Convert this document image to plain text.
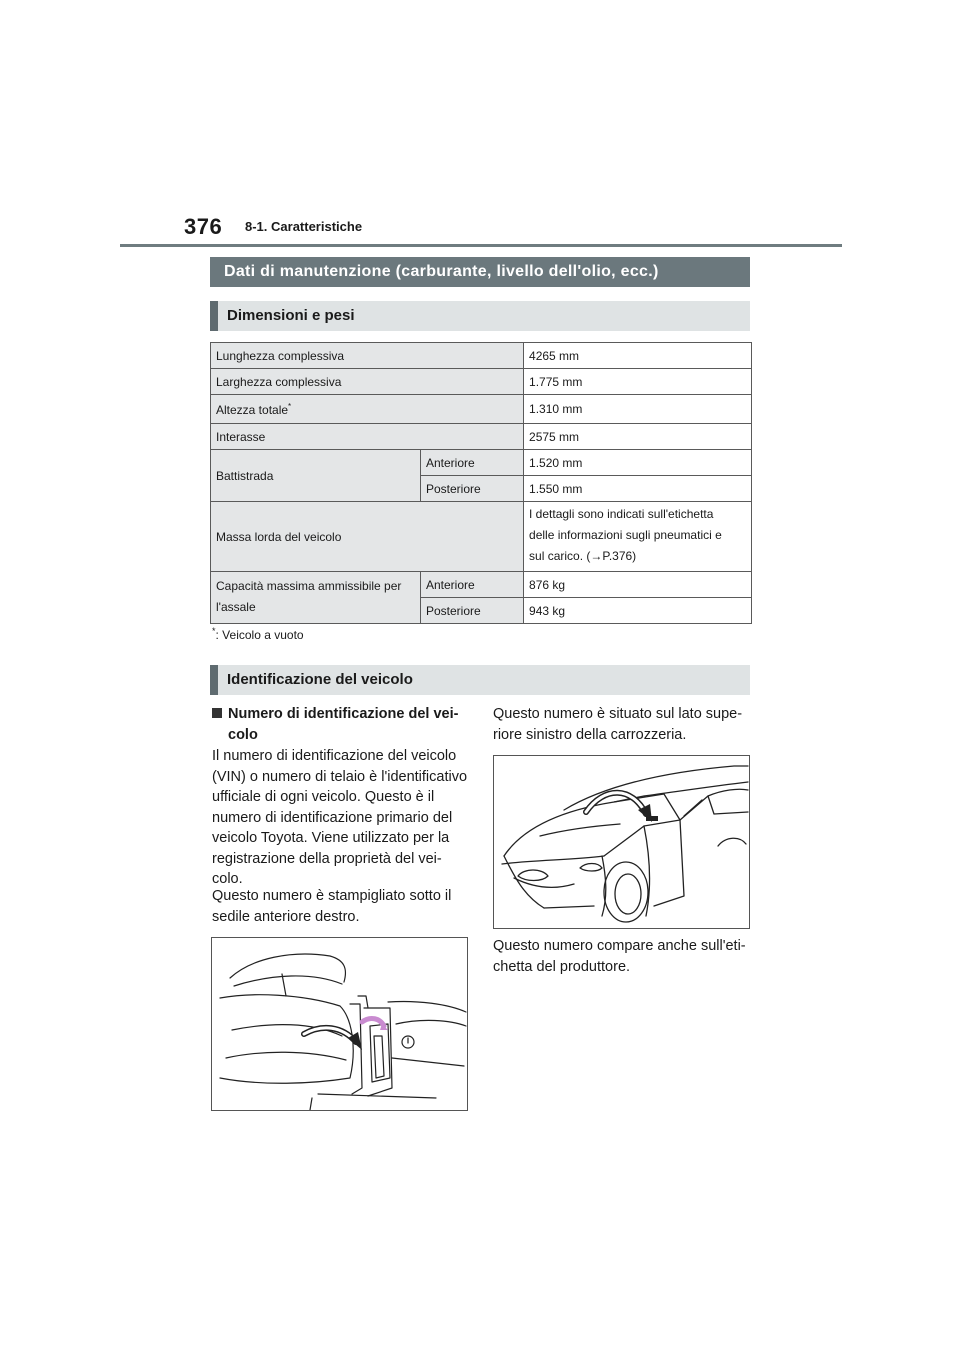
376 8-1. Caratteristiche
Dati di manutenzione (carburante, livello dell'olio, ecc.)
Dimensioni e pesi
Lunghezza complessiva		4265 mm
Larghezza complessiva		1.775 mm
Altezza totale*		1.310 mm
Interasse		2575 mm
Battistrada	Anteriore	1.520 mm
	Posteriore	1.550 mm
Massa lorda del veicolo		I dettagli sono indicati sull'etichetta
delle informazioni sugli pneumatici e
sul carico. (→P.376)

Capacità massima ammissibile per
l'assale	Anteriore	876 kg
	Posteriore	943 kg
*: Veicolo a vuoto
Identificazione del veicolo
Numero di identificazione del vei-
colo
Il numero di identificazione del veicolo
(VIN) o numero di telaio è l'identificativo
ufficiale di ogni veicolo. Questo è il
numero di identificazione primario del
veicolo Toyota. Viene utilizzato per la
registrazione della proprietà del vei-
colo.
Questo numero è stampigliato sotto il
sedile anteriore destro.
Questo numero è situato sul lato supe-
riore sinistro della carrozzeria.
Questo numero compare anche sull'eti-
chetta del produttore.
